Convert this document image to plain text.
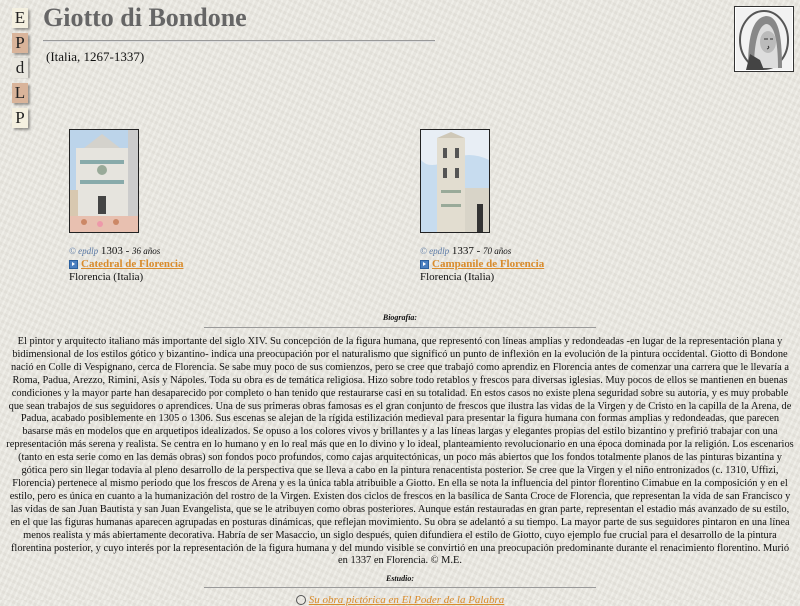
E
P
d
L
P
Giotto di Bondone
(Italia, 1267-1337)
© epdlp 1303 - 36 años
Catedral de Florencia
Florencia (Italia)
© epdlp 1337 - 70 años
Campanile de Florencia
Florencia (Italia)
Biografía:

El pintor y arquitecto italiano más importante del siglo XIV. Su concepción de la figura humana, que representó con líneas amplias y redondeadas -en lugar de la representación plana y bidimensional de los estilos gótico y bizantino- indica una preocupación por el naturalismo que significó un punto de inflexión en la evolución de la pintura occidental. Giotto di Bondone nació en Colle di Vespignano, cerca de Florencia. Se sabe muy poco de sus comienzos, pero se cree que trabajó como aprendiz en Florencia antes de comenzar una carrera que le llevaría a Roma, Padua, Arezzo, Rimini, Asís y Nápoles. Toda su obra es de temática religiosa. Hizo sobre todo retablos y frescos para diversas iglesias. Muy pocos de ellos se mantienen en buenas condiciones y la mayor parte han desaparecido por completo o han tenido que restaurarse casi en su totalidad. En estos casos no existe plena seguridad sobre su autoría, y es muy probable que sean trabajos de sus seguidores o aprendices. Una de sus primeras obras famosas es el gran conjunto de frescos que ilustra las vidas de la Virgen y de Cristo en la capilla de la Arena, de Padua, acabado posiblemente en 1305 o 1306. Sus escenas se alejan de la rígida estilización medieval para presentar la figura humana con formas amplias y redondeadas, que parecen basarse más en modelos que en arquetipos idealizados. Se opuso a los colores vivos y brillantes y a las líneas largas y elegantes propias del estilo bizantino y prefirió trabajar con una representación más serena y realista. Se centra en lo humano y en lo real más que en lo divino y lo ideal, planteamiento revolucionario en una época dominada por la religión. Los escenarios (tanto en esta serie como en las demás obras) son fondos poco profundos, como cajas arquitectónicas, un poco más abiertos que los fondos totalmente planos de las pinturas bizantina y gótica pero sin llegar todavía al pleno desarrollo de la perspectiva que se lleva a cabo en la pintura renacentista posterior. Se cree que la Virgen y el niño entronizados (c. 1310, Uffizi, Florencia) pertenece al mismo periodo que los frescos de Arena y es la única tabla atribuible a Giotto. En ella se nota la influencia del pintor florentino Cimabue en la composición y en el estilo, pero es única en cuanto a la humanización del rostro de la Virgen. Existen dos ciclos de frescos en la basílica de Santa Croce de Florencia, que representan la vida de san Francisco y las vidas de san Juan Bautista y san Juan Evangelista, que se le atribuyen como obras posteriores. Aunque están restauradas en gran parte, representan el estadio más avanzado de su estilo, en el que las figuras humanas aparecen agrupadas en posturas dinámicas, que reflejan movimiento. Su obra se adelantó a su tiempo. La mayor parte de sus seguidores pintaron en una línea menos realista y más abiertamente decorativa. Habría de ser Masaccio, un siglo después, quien difundiera el estilo de Giotto, cuyo ejemplo fue crucial para el desarrollo de la pintura florentina posterior, y cuyo interés por la representación de la figura humana y del mundo visible se convirtió en una preocupación predominante durante el renacimiento florentino. Murió en 1337 en Florencia. © M.E.

Estudio:
Su obra pictórica en El Poder de la Palabra
